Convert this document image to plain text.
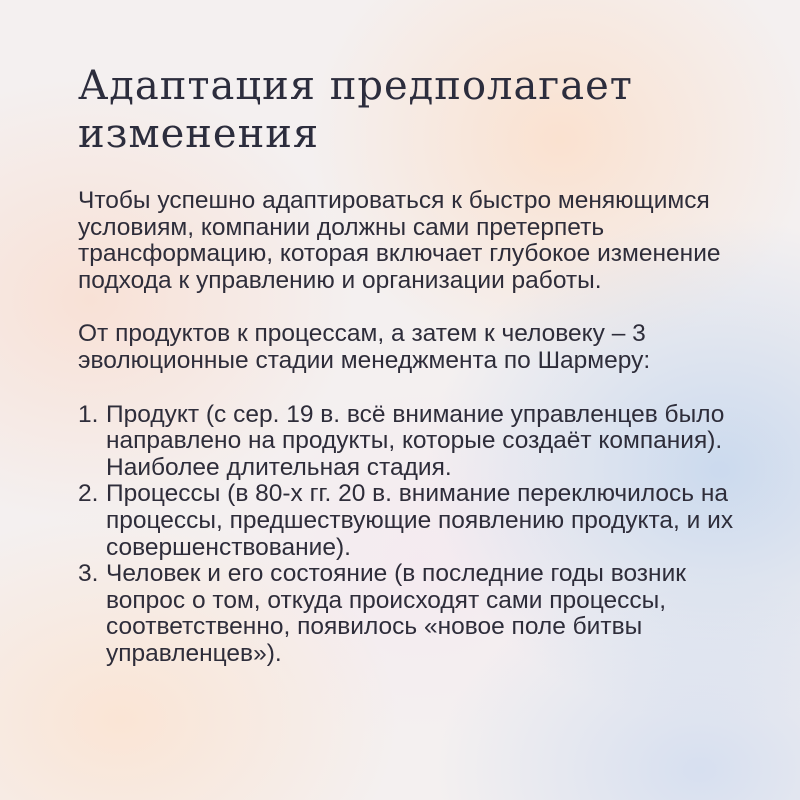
Адаптация предполагает изменения

Чтобы успешно адаптироваться к быстро меняющимся условиям, компании должны сами претерпеть трансформацию, которая включает глубокое изменение подхода к управлению и организации работы.

От продуктов к процессам, а затем к человеку – 3 эволюционные стадии менеджмента по Шармеру:

1. Продукт (с сер. 19 в. всё внимание управленцев было направлено на продукты, которые создаёт компания). Наиболее длительная стадия.
2. Процессы (в 80-х гг. 20 в. внимание переключилось на процессы, предшествующие появлению продукта, и их совершенствование).
3. Человек и его состояние (в последние годы возник вопрос о том, откуда происходят сами процессы, соответственно, появилось «новое поле битвы управленцев»).
